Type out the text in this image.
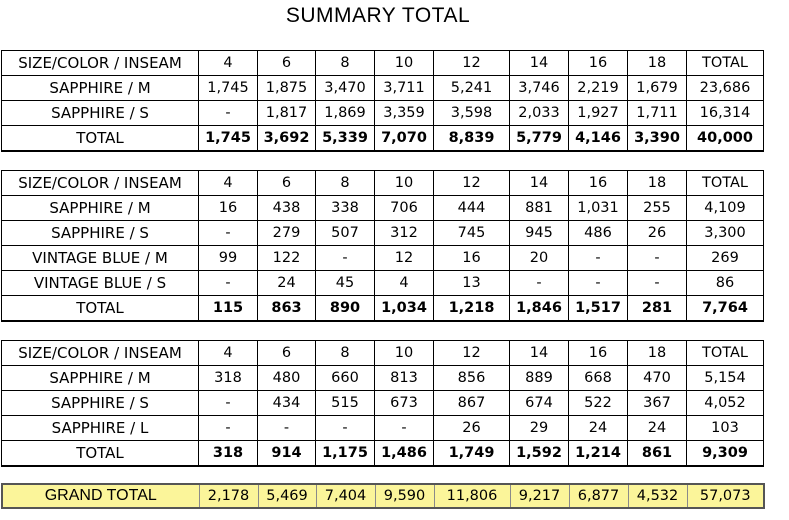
SUMMARY TOTAL
SIZE/COLOR / INSEAM	4	6	8	10	12	14	16	18	TOTAL
SAPPHIRE / M	1,745	1,875	3,470	3,711	5,241	3,746	2,219	1,679	23,686
SAPPHIRE / S	-	1,817	1,869	3,359	3,598	2,033	1,927	1,711	16,314
TOTAL	1,745	3,692	5,339	7,070	8,839	5,779	4,146	3,390	40,000
SIZE/COLOR / INSEAM	4	6	8	10	12	14	16	18	TOTAL
SAPPHIRE / M	16	438	338	706	444	881	1,031	255	4,109
SAPPHIRE / S	-	279	507	312	745	945	486	26	3,300
VINTAGE BLUE / M	99	122	-	12	16	20	-	-	269
VINTAGE BLUE / S	-	24	45	4	13	-	-	-	86
TOTAL	115	863	890	1,034	1,218	1,846	1,517	281	7,764
SIZE/COLOR / INSEAM	4	6	8	10	12	14	16	18	TOTAL
SAPPHIRE / M	318	480	660	813	856	889	668	470	5,154
SAPPHIRE / S	-	434	515	673	867	674	522	367	4,052
SAPPHIRE / L	-	-	-	-	26	29	24	24	103
TOTAL	318	914	1,175	1,486	1,749	1,592	1,214	861	9,309
GRAND TOTAL	2,178	5,469	7,404	9,590	11,806	9,217	6,877	4,532	57,073
